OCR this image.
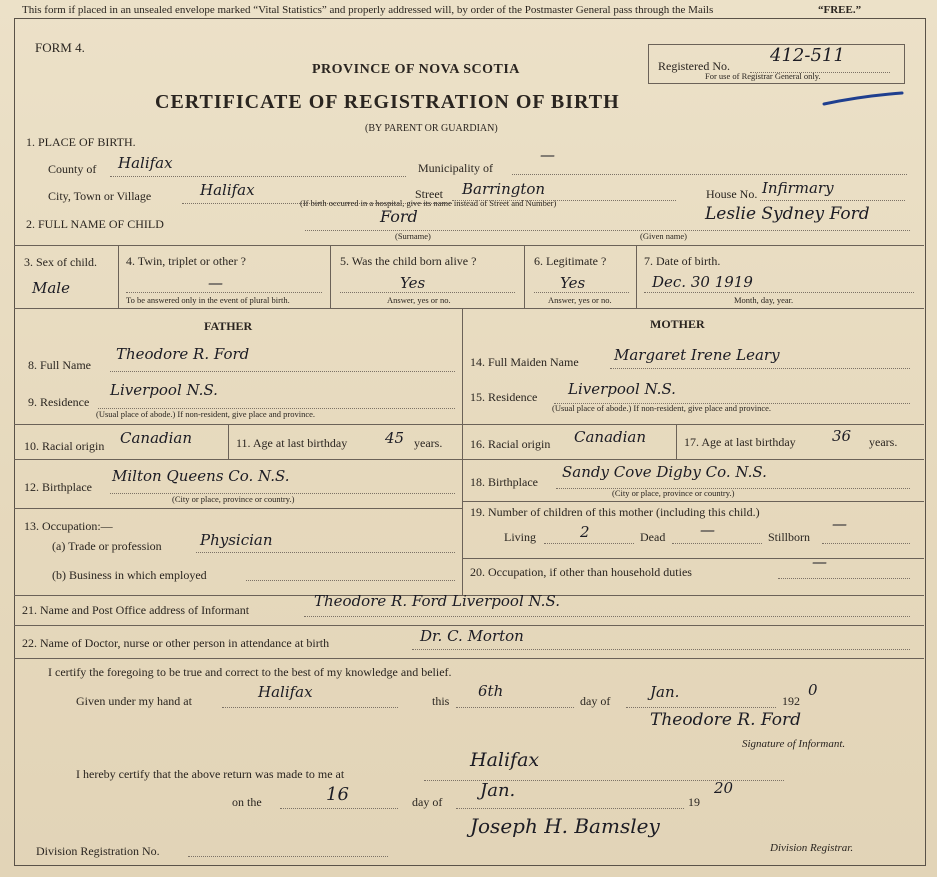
This form if placed in an unsealed envelope marked “Vital Statistics” and properly addressed will, by order of the Postmaster General pass through the Mails	“FREE.”
FORM 4.
PROVINCE OF NOVA SCOTIA	Registered No. 412-511
For use of Registrar General only.
CERTIFICATE OF REGISTRATION OF BIRTH
(BY PARENT OR GUARDIAN)
1. PLACE OF BIRTH.
County of Halifax	Municipality of
—
City, Town or Village	Halifax
(If birth occurred in a hospital, give its name instead of Street and Number)
Street Barrington	House No. Infirmary
2. FULL NAME OF CHILD	Ford
(Surname)
Leslie Sydney Ford
(Given name)
3. Sex of child.
Male
4. Twin, triplet or other ?
—
To be answered only in the event of plural birth.
5. Was the child born alive ?
Yes
Answer, yes or no.
6. Legitimate ?
Yes
Answer, yes or no.
7. Date of birth.
Dec. 30 1919
Month, day, year.
FATHER	MOTHER
8. Full Name
Theodore R. Ford
9. Residence
Liverpool N.S.
(Usual place of abode.) If non-resident, give place and province.
10. Racial origin Canadian	11. Age at last birthday	45 years.
12. Birthplace
Milton Queens Co. N.S.
(City or place, province or country.)
13. Occupation:—
(a) Trade or profession	Physician
(b) Business in which employed
14. Full Maiden Name Margaret Irene Leary
15. Residence Liverpool N.S.
(Usual place of abode.) If non-resident, give place and province.
16. Racial origin Canadian	17. Age at last birthday 36 years.
18. Birthplace
Sandy Cove Digby Co. N.S.
(City or place, province or country.)
19. Number of children of this mother (including this child.)
Living	2	Dead —	Stillborn
—
20. Occupation, if other than household duties
—
21. Name and Post Office address of Informant	Theodore R. Ford Liverpool N.S.
22. Name of Doctor, nurse or other person in attendance at birth	Dr. C. Morton
I certify the foregoing to be true and correct to the best of my knowledge and belief.
Given under my hand at	Halifax	this
6th
day of	Jan.	192
0
Theodore R. Ford
Signature of Informant.
I hereby certify that the above return was made to me at
Halifax
on the	16	day of
Jan.
19
20
Joseph H. Bamsley
Division Registration No.	Division Registrar.
